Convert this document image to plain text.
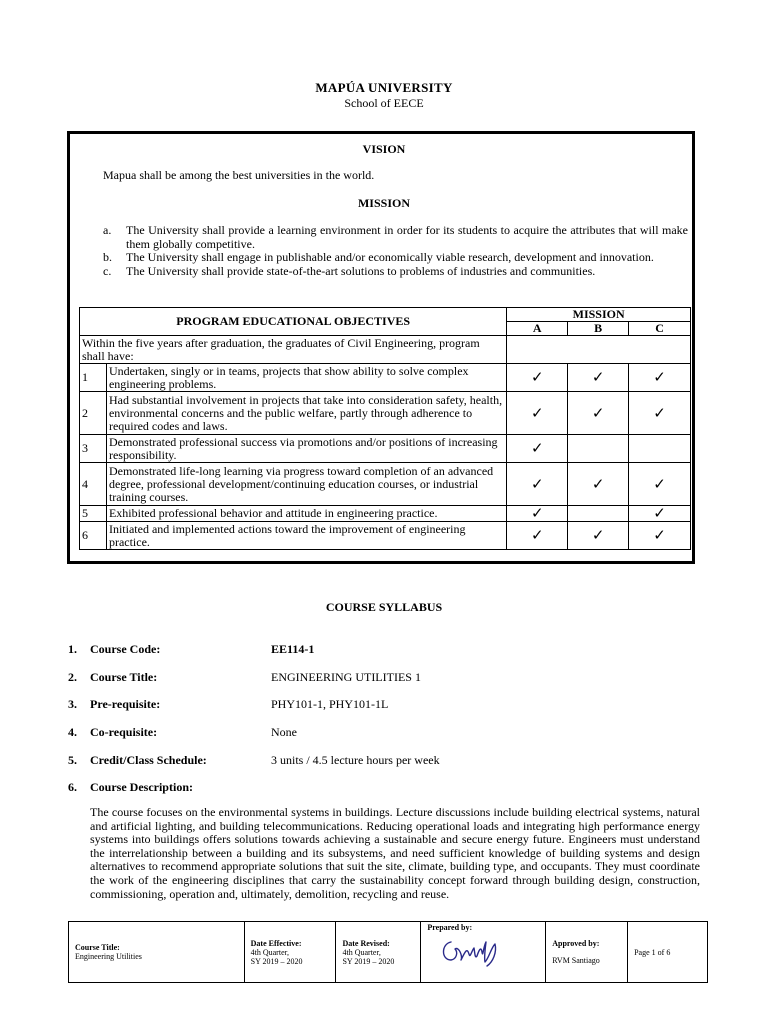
MAPÚA UNIVERSITY
School of EECE
VISION
Mapua shall be among the best universities in the world.
MISSION
a.	The University shall provide a learning environment in order for its students to acquire the attributes that will make them globally competitive.
b.	The University shall engage in publishable and/or economically viable research, development and innovation.
c.	The University shall provide state-of-the-art solutions to problems of industries and communities.
PROGRAM EDUCATIONAL OBJECTIVES		MISSION		
		A	B	C
Within the five years after graduation, the graduates of Civil Engineering, program shall have:				
1	Undertaken, singly or in teams, projects that show ability to solve complex engineering problems.	✓	✓	✓
2	Had substantial involvement in projects that take into consideration safety, health, environmental concerns and the public welfare, partly through adherence to required codes and laws.	✓	✓	✓
3	Demonstrated professional success via promotions and/or positions of increasing responsibility.	✓		
4	Demonstrated life-long learning via progress toward completion of an advanced degree, professional development/continuing education courses, or industrial training courses.	✓	✓	✓
5	Exhibited professional behavior and attitude in engineering practice.	✓		✓
6	Initiated and implemented actions toward the improvement of engineering practice.	✓	✓	✓
COURSE SYLLABUS
1. Course Code:	EE114-1
2. Course Title:	ENGINEERING UTILITIES 1
3. Pre-requisite:	PHY101-1, PHY101-1L
4. Co-requisite:	None
5. Credit/Class Schedule:	3 units / 4.5 lecture hours per week
6. Course Description:
The course focuses on the environmental systems in buildings. Lecture discussions include building electrical systems, natural and artificial lighting, and building telecommunications. Reducing operational loads and integrating high performance energy systems into buildings offers solutions towards achieving a sustainable and secure energy future. Engineers must understand the interrelationship between a building and its subsystems, and need sufficient knowledge of building systems and design alternatives to recommend appropriate solutions that suit the site, climate, building type, and occupants. They must coordinate the work of the engineering disciplines that carry the sustainability concept forward through building design, construction, commissioning, operation and, ultimately, demolition, recycling and reuse.
Course Title:
Engineering Utilities

Date Effective:
4th Quarter,
SY 2019 – 2020

Date Revised:
4th Quarter,
SY 2019 – 2020

Prepared by:

Approved by:
RVM Santiago

Page 1 of 6
